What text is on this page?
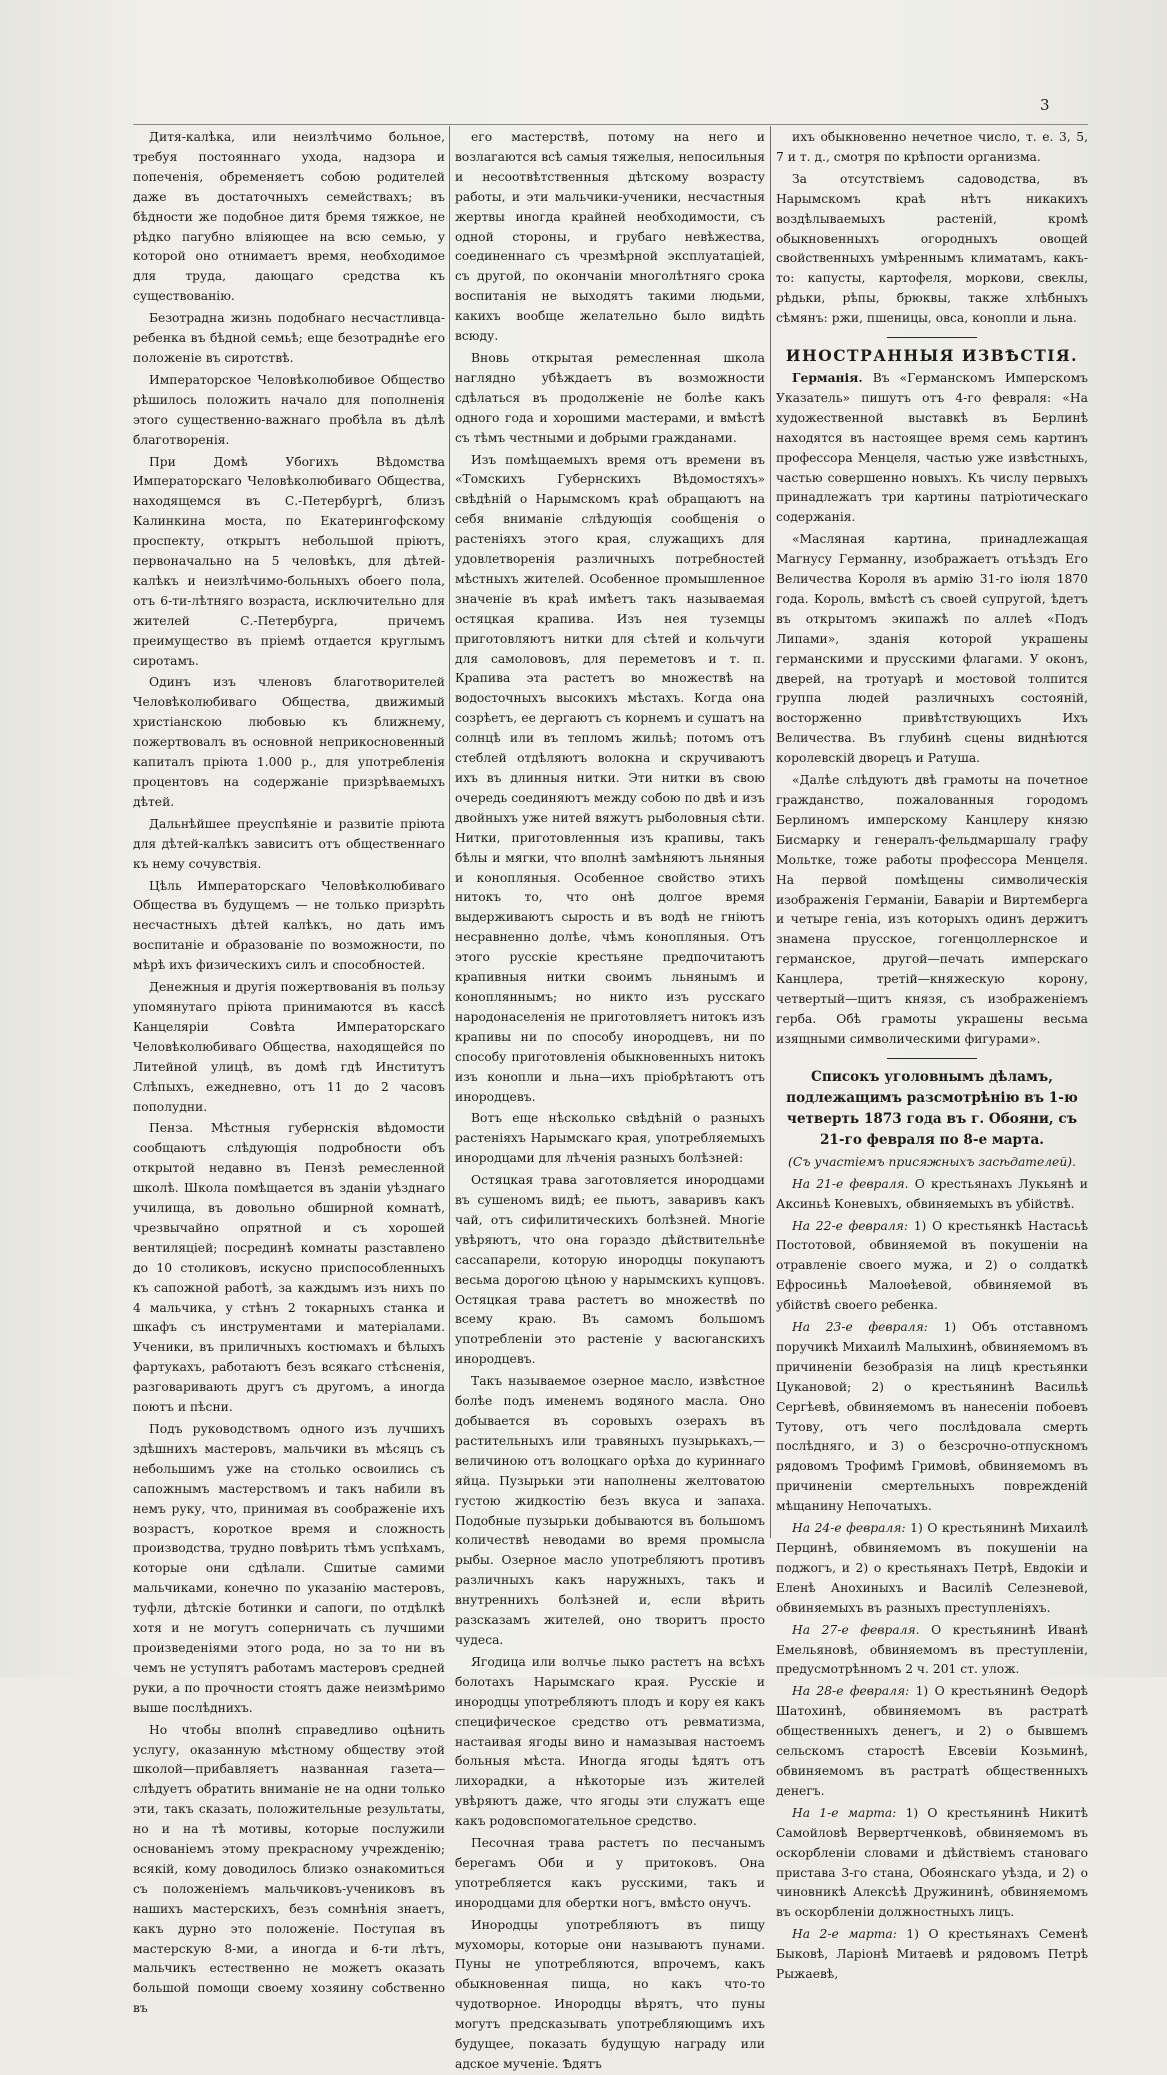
3

Дитя-калѣка, или неизлѣчимо больное, требуя постояннаго ухода, надзора и попеченія, обременяетъ собою родителей даже въ достаточныхъ семействахъ; въ бѣдности же подобное дитя бремя тяжкое, не рѣдко пагубно вліяющее на всю семью, у которой оно отнимаетъ время, необходимое для труда, дающаго средства къ существованію.

Безотрадна жизнь подобнаго несчастливца-ребенка въ бѣдной семьѣ; еще безотраднѣе его положеніе въ сиротствѣ.

Императорское Человѣколюбивое Общество рѣшилось положить начало для пополненія этого существенно-важнаго пробѣла въ дѣлѣ благотворенія.

При Домѣ Убогихъ Вѣдомства Императорскаго Человѣколюбиваго Общества, находящемся въ С.-Петербургѣ, близъ Калинкина моста, по Екатерингофскому проспекту, открытъ небольшой пріютъ, первоначально на 5 человѣкъ, для дѣтей-калѣкъ и неизлѣчимо-больныхъ обоего пола, отъ 6-ти-лѣтняго возраста, исключительно для жителей С.-Петербурга, причемъ преимущество въ пріемѣ отдается круглымъ сиротамъ.

Одинъ изъ членовъ благотворителей Человѣколюбиваго Общества, движимый христіанскою любовью къ ближнему, пожертвовалъ въ основной неприкосновенный капиталъ пріюта 1.000 р., для употребленія процентовъ на содержаніе призрѣваемыхъ дѣтей.

Дальнѣйшее преуспѣяніе и развитіе пріюта для дѣтей-калѣкъ зависитъ отъ общественнаго къ нему сочувствія.

Цѣль Императорскаго Человѣколюбиваго Общества въ будущемъ — не только призрѣть несчастныхъ дѣтей калѣкъ, но дать имъ воспитаніе и образованіе по возможности, по мѣрѣ ихъ физическихъ силъ и способностей.

Денежныя и другія пожертвованія въ пользу упомянутаго пріюта принимаются въ кассѣ Канцеляріи Совѣта Императорскаго Человѣколюбиваго Общества, находящейся по Литейной улицѣ, въ домѣ гдѣ Институтъ Слѣпыхъ, ежедневно, отъ 11 до 2 часовъ пополудни.

Пенза. Мѣстныя губернскія вѣдомости сообщаютъ слѣдующія подробности объ открытой недавно въ Пензѣ ремесленной школѣ. Школа помѣщается въ зданіи уѣзднаго училища, въ довольно обширной комнатѣ, чрезвычайно опрятной и съ хорошей вентиляціей; посрединѣ комнаты разставлено до 10 столиковъ, искусно приспособленныхъ къ сапожной работѣ, за каждымъ изъ нихъ по 4 мальчика, у стѣнъ 2 токарныхъ станка и шкафъ съ инструментами и матеріалами. Ученики, въ приличныхъ костюмахъ и бѣлыхъ фартукахъ, работаютъ безъ всякаго стѣсненія, разговаривають другъ съ другомъ, а иногда поютъ и пѣсни.

Подъ руководствомъ одного изъ лучшихъ здѣшнихъ мастеровъ, мальчики въ мѣсяцъ съ небольшимъ уже на столько освоились съ сапожнымъ мастерствомъ и такъ набили въ немъ руку, что, принимая въ соображеніе ихъ возрастъ, короткое время и сложность производства, трудно повѣрить тѣмъ успѣхамъ, которые они сдѣлали. Сшитые самими мальчиками, конечно по указанію мастеровъ, туфли, дѣтскіе ботинки и сапоги, по отдѣлкѣ хотя и не могутъ соперничать съ лучшими произведеніями этого рода, но за то ни въ чемъ не уступятъ работамъ мастеровъ средней руки, а по прочности стоятъ даже неизмѣримо выше послѣднихъ.

Но чтобы вполнѣ справедливо оцѣнить услугу, оказанную мѣстному обществу этой школой—прибавляетъ названная газета—слѣдуетъ обратить вниманіе не на одни только эти, такъ сказать, положительные результаты, но и на тѣ мотивы, которые послужили основаніемъ этому прекрасному учрежденію; всякій, кому доводилось близко ознакомиться съ положеніемъ мальчиковъ-учениковъ въ нашихъ мастерскихъ, безъ сомнѣнія знаетъ, какъ дурно это положеніе. Поступая въ мастерскую 8-ми, а иногда и 6-ти лѣтъ, мальчикъ естественно не можетъ оказать большой помощи своему хозяину собственно въ

его мастерствѣ, потому на него и возлагаются всѣ самыя тяжелыя, непосильныя и несоотвѣтственныя дѣтскому возрасту работы, и эти мальчики-ученики, несчастныя жертвы иногда крайней необходимости, съ одной стороны, и грубаго невѣжества, соединеннаго съ чрезмѣрной эксплуатаціей, съ другой, по окончаніи многолѣтняго срока воспитанія не выходятъ такими людьми, какихъ вообще желательно было видѣть всюду.

Вновь открытая ремесленная школа наглядно убѣждаетъ въ возможности сдѣлаться въ продолженіе не болѣе какъ одного года и хорошими мастерами, и вмѣстѣ съ тѣмъ честными и добрыми гражданами.

Изъ помѣщаемыхъ время отъ времени въ «Томскихъ Губернскихъ Вѣдомостяхъ» свѣдѣній о Нарымскомъ краѣ обращаютъ на себя вниманіе слѣдующія сообщенія о растеніяхъ этого края, служащихъ для удовлетворенія различныхъ потребностей мѣстныхъ жителей. Особенное промышленное значеніе въ краѣ имѣетъ такъ называемая остяцкая крапива. Изъ нея туземцы приготовляютъ нитки для сѣтей и кольчуги для самолововъ, для переметовъ и т. п. Крапива эта растетъ во множествѣ на водосточныхъ высокихъ мѣстахъ. Когда она созрѣетъ, ее дергаютъ съ корнемъ и сушатъ на солнцѣ или въ тепломъ жильѣ; потомъ отъ стеблей отдѣляютъ волокна и скручиваютъ ихъ въ длинныя нитки. Эти нитки въ свою очередь соединяютъ между собою по двѣ и изъ двойныхъ уже нитей вяжутъ рыболовныя сѣти. Нитки, приготовленныя изъ крапивы, такъ бѣлы и мягки, что вполнѣ замѣняютъ льняныя и конопляныя. Особенное свойство этихъ нитокъ то, что онѣ долгое время выдерживаютъ сырость и въ водѣ не гніютъ несравненно долѣе, чѣмъ конопляныя. Отъ этого русскіе крестьяне предпочитаютъ крапивныя нитки своимъ льнянымъ и конопляннымъ; но никто изъ русскаго народонаселенія не приготовляетъ нитокъ изъ крапивы ни по способу инородцевъ, ни по способу приготовленія обыкновенныхъ нитокъ изъ конопли и льна—ихъ пріобрѣтаютъ отъ инородцевъ.

Вотъ еще нѣсколько свѣдѣній о разныхъ растеніяхъ Нарымскаго края, употребляемыхъ инородцами для лѣченія разныхъ болѣзней:

Остяцкая трава заготовляется инородцами въ сушеномъ видѣ; ее пьютъ, заваривъ какъ чай, отъ сифилитическихъ болѣзней. Многіе увѣряютъ, что она гораздо дѣйствительнѣе сассапарели, которую инородцы покупаютъ весьма дорогою цѣною у нарымскихъ купцовъ. Остяцкая трава растетъ во множествѣ по всему краю. Въ самомъ большомъ употребленіи это растеніе у васюганскихъ инородцевъ.

Такъ называемое озерное масло, извѣстное болѣе подъ именемъ водяного масла. Оно добывается въ соровыхъ озерахъ въ растительныхъ или травяныхъ пузырькахъ,—величиною отъ волоцкаго орѣха до куриннаго яйца. Пузырьки эти наполнены желтоватою густою жидкостію безъ вкуса и запаха. Подобные пузырьки добываются въ большомъ количествѣ неводами во время промысла рыбы. Озерное масло употребляютъ противъ различныхъ какъ наружныхъ, такъ и внутреннихъ болѣзней и, если вѣрить разсказамъ жителей, оно творитъ просто чудеса.

Ягодица или волчье лыко растетъ на всѣхъ болотахъ Нарымскаго края. Русскіе и инородцы употребляютъ плодъ и кору ея какъ специфическое средство отъ ревматизма, настаивая ягоды вино и намазывая настоемъ больныя мѣста. Иногда ягоды ѣдятъ отъ лихорадки, а нѣкоторые изъ жителей увѣряютъ даже, что ягоды эти служатъ еще какъ родовспомогательное средство.

Песочная трава растетъ по песчанымъ берегамъ Оби и у притоковъ. Она употребляется какъ русскими, такъ и инородцами для обертки ногъ, вмѣсто онучъ.

Инородцы употребляютъ въ пищу мухоморы, которые они называютъ пунами. Пуны не употребляются, впрочемъ, какъ обыкновенная пища, но какъ что-то чудотворное. Инородцы вѣрятъ, что пуны могутъ предсказывать употребляющимъ ихъ будущее, показать будущую награду или адское мученіе. Ѣдятъ

ихъ обыкновенно нечетное число, т. е. 3, 5, 7 и т. д., смотря по крѣпости организма.

За отсутствіемъ садоводства, въ Нарымскомъ краѣ нѣтъ никакихъ воздѣлываемыхъ растеній, кромѣ обыкновенныхъ огородныхъ овощей свойственныхъ умѣреннымъ климатамъ, какъ-то: капусты, картофеля, моркови, свеклы, рѣдьки, рѣпы, брюквы, также хлѣбныхъ сѣмянъ: ржи, пшеницы, овса, конопли и льна.

ИНОСТРАННЫЯ ИЗВѢСТІЯ.

Германія. Въ «Германскомъ Имперскомъ Указатель» пишутъ отъ 4-го февраля: «На художественной выставкѣ въ Берлинѣ находятся въ настоящее время семь картинъ профессора Менцеля, частью уже извѣстныхъ, частью совершенно новыхъ. Къ числу первыхъ принадлежатъ три картины патріотическаго содержанія.

«Масляная картина, принадлежащая Магнусу Германну, изображаетъ отъѣздъ Его Величества Короля въ армію 31-го іюля 1870 года. Король, вмѣстѣ съ своей супругой, ѣдетъ въ открытомъ экипажѣ по аллеѣ «Подъ Липами», зданія которой украшены германскими и прусскими флагами. У оконъ, дверей, на тротуарѣ и мостовой толпится группа людей различныхъ состояній, восторженно привѣтствующихъ Ихъ Величества. Въ глубинѣ сцены виднѣются королевскій дворецъ и Ратуша.

«Далѣе слѣдуютъ двѣ грамоты на почетное гражданство, пожалованныя городомъ Берлиномъ имперскому Канцлеру князю Бисмарку и генералъ-фельдмаршалу графу Мольтке, тоже работы профессора Менцеля. На первой помѣщены символическія изображенія Германіи, Баваріи и Виртемберга и четыре геніа, изъ которыхъ одинъ держитъ знамена прусское, гогенцоллернское и германское, другой—печать имперскаго Канцлера, третій—княжескую корону, четвертый—щитъ князя, съ изображеніемъ герба. Обѣ грамоты украшены весьма изящными символическими фигурами».

Списокъ уголовнымъ дѣламъ, подлежащимъ разсмотрѣнію въ 1-ю четверть 1873 года въ г. Обояни, съ 21-го февраля по 8-е марта.

(Съ участіемъ присяжныхъ засѣдателей).

На 21-е февраля. О крестьянахъ Лукьянѣ и Аксиньѣ Коневыхъ, обвиняемыхъ въ убійствѣ.

На 22-е февраля: 1) О крестьянкѣ Настасьѣ Постотовой, обвиняемой въ покушеніи на отравленіе своего мужа, и 2) о солдаткѣ Ефросиньѣ Малоѳѣевой, обвиняемой въ убійствѣ своего ребенка.

На 23-е февраля: 1) Объ отставномъ поручикѣ Михаилѣ Малыхинѣ, обвиняемомъ въ причиненіи безобразія на лицѣ крестьянки Цукановой; 2) о крестьянинѣ Васильѣ Сергѣевѣ, обвиняемомъ въ нанесеніи побоевъ Тутову, отъ чего послѣдовала смерть послѣдняго, и 3) о безсрочно-отпускномъ рядовомъ Трофимѣ Гримовѣ, обвиняемомъ въ причиненіи смертельныхъ поврежденій мѣщанину Непочатыхъ.

На 24-е февраля: 1) О крестьянинѣ Михаилѣ Перцинѣ, обвиняемомъ въ покушеніи на поджогъ, и 2) о крестьянахъ Петрѣ, Евдокіи и Еленѣ Анохиныхъ и Василіѣ Селезневой, обвиняемыхъ въ разныхъ преступленіяхъ.

На 27-е февраля. О крестьянинѣ Иванѣ Емельяновѣ, обвиняемомъ въ преступленіи, предусмотрѣнномъ 2 ч. 201 ст. улож.

На 28-е февраля: 1) О крестьянинѣ Ѳедорѣ Шатохинѣ, обвиняемомъ въ растратѣ общественныхъ денегъ, и 2) о бывшемъ сельскомъ старостѣ Евсевіи Козьминѣ, обвиняемомъ въ растратѣ общественныхъ денегъ.

На 1-е марта: 1) О крестьянинѣ Никитѣ Самойловѣ Вервертченковѣ, обвиняемомъ въ оскорбленіи словами и дѣйствіемъ становаго пристава 3-го стана, Обоянскаго уѣзда, и 2) о чиновникѣ Алексѣѣ Дружининѣ, обвиняемомъ въ оскорбленіи должностныхъ лицъ.

На 2-е марта: 1) О крестьянахъ Семенѣ Быковѣ, Ларіонѣ Митаевѣ и рядовомъ Петрѣ Рыжаевѣ,
